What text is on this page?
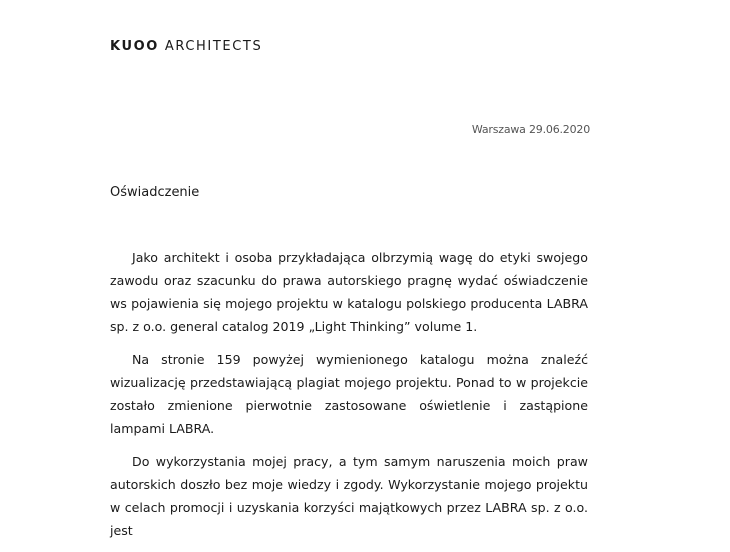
KUOO ARCHITECTS
Warszawa 29.06.2020
Oświadczenie

Jako architekt i osoba przykładająca olbrzymią wagę do etyki swojego zawodu oraz szacunku do prawa autorskiego pragnę wydać oświadczenie ws pojawienia się mojego projektu w katalogu polskiego producenta LABRA sp. z o.o. general catalog 2019 „Light Thinking” volume 1.

Na stronie 159 powyżej wymienionego katalogu można znaleźć wizualizację przedstawiającą plagiat mojego projektu. Ponad to w projekcie zostało zmienione pierwotnie zastosowane oświetlenie i zastąpione lampami LABRA.

Do wykorzystania mojej pracy, a tym samym naruszenia moich praw autorskich doszło bez moje wiedzy i zgody. Wykorzystanie mojego projektu w celach promocji i uzyskania korzyści majątkowych przez LABRA sp. z o.o. jest
